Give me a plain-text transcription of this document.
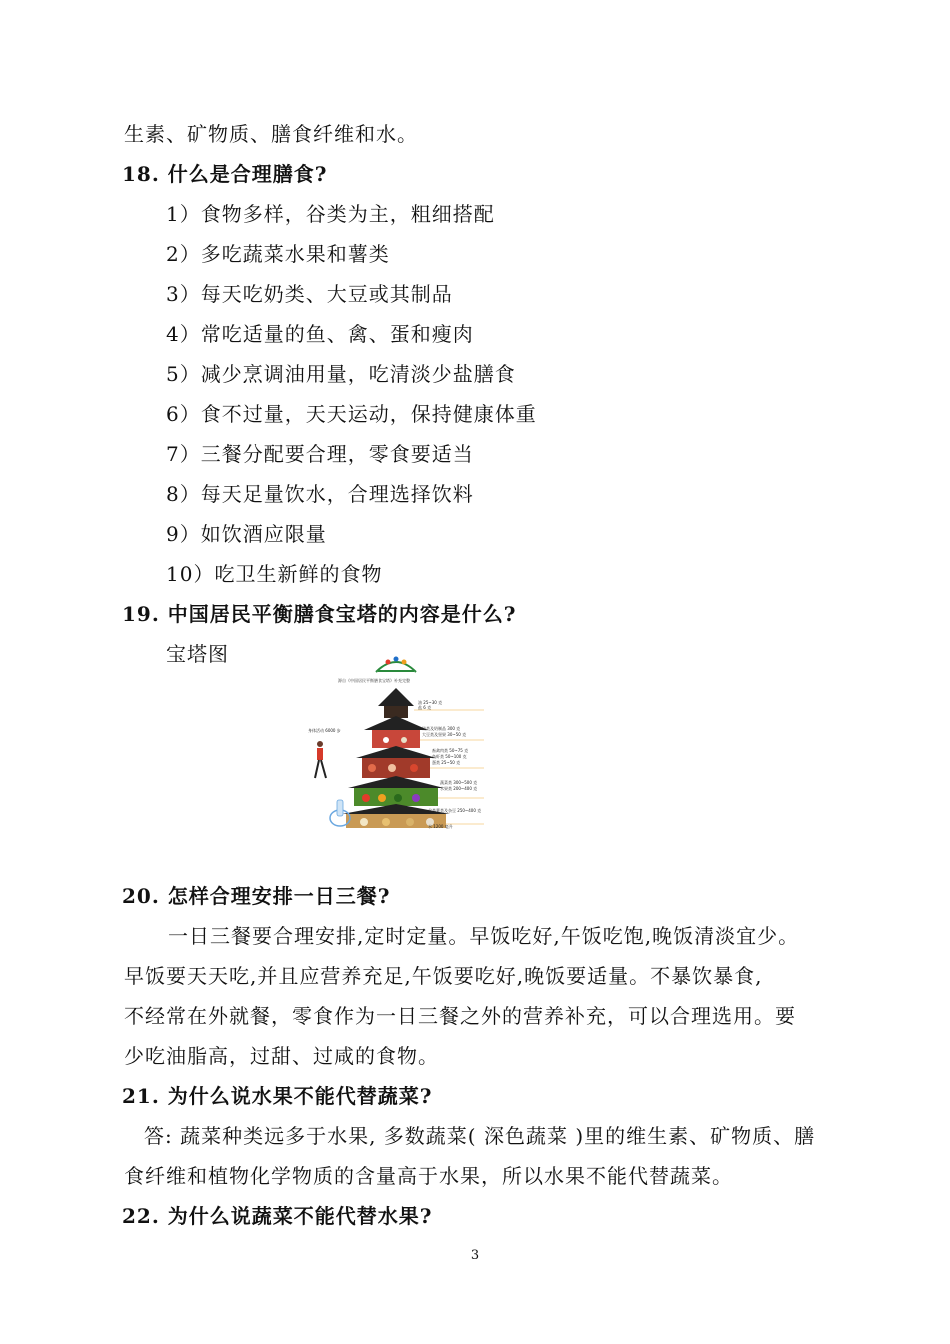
生素、矿物质、膳食纤维和水。
18. 什么是合理膳食?
1）食物多样，谷类为主，粗细搭配
2）多吃蔬菜水果和薯类
3）每天吃奶类、大豆或其制品
4）常吃适量的鱼、禽、蛋和瘦肉
5）减少烹调油用量，吃清淡少盐膳食
6）食不过量，天天运动，保持健康体重
7）三餐分配要合理，零食要适当
8）每天足量饮水，合理选择饮料
9）如饮酒应限量
10）吃卫生新鲜的食物
19. 中国居民平衡膳食宝塔的内容是什么?
宝塔图
源自《中国居民平衡膳食宝塔》补充完整
身体活动 6000 步
油 25~30 克
盐 6 克
奶类及奶制品 300 克
大豆类及坚果 30~50 克
畜禽肉类 50~75 克
鱼虾类 50~100 克
蛋类 25~50 克
蔬菜类 300~500 克
水果类 200~400 克
谷类薯类及杂豆 250~400 克
水 1200 毫升
20. 怎样合理安排一日三餐?
一日三餐要合理安排,定时定量。早饭吃好,午饭吃饱,晚饭清淡宜少。
早饭要天天吃,并且应营养充足,午饭要吃好,晚饭要适量。不暴饮暴食,
不经常在外就餐，零食作为一日三餐之外的营养补充，可以合理选用。要
少吃油脂高，过甜、过咸的食物。
21. 为什么说水果不能代替蔬菜?
答: 蔬菜种类远多于水果, 多数蔬菜( 深色蔬菜 )里的维生素、矿物质、膳
食纤维和植物化学物质的含量高于水果，所以水果不能代替蔬菜。
22. 为什么说蔬菜不能代替水果?
3
